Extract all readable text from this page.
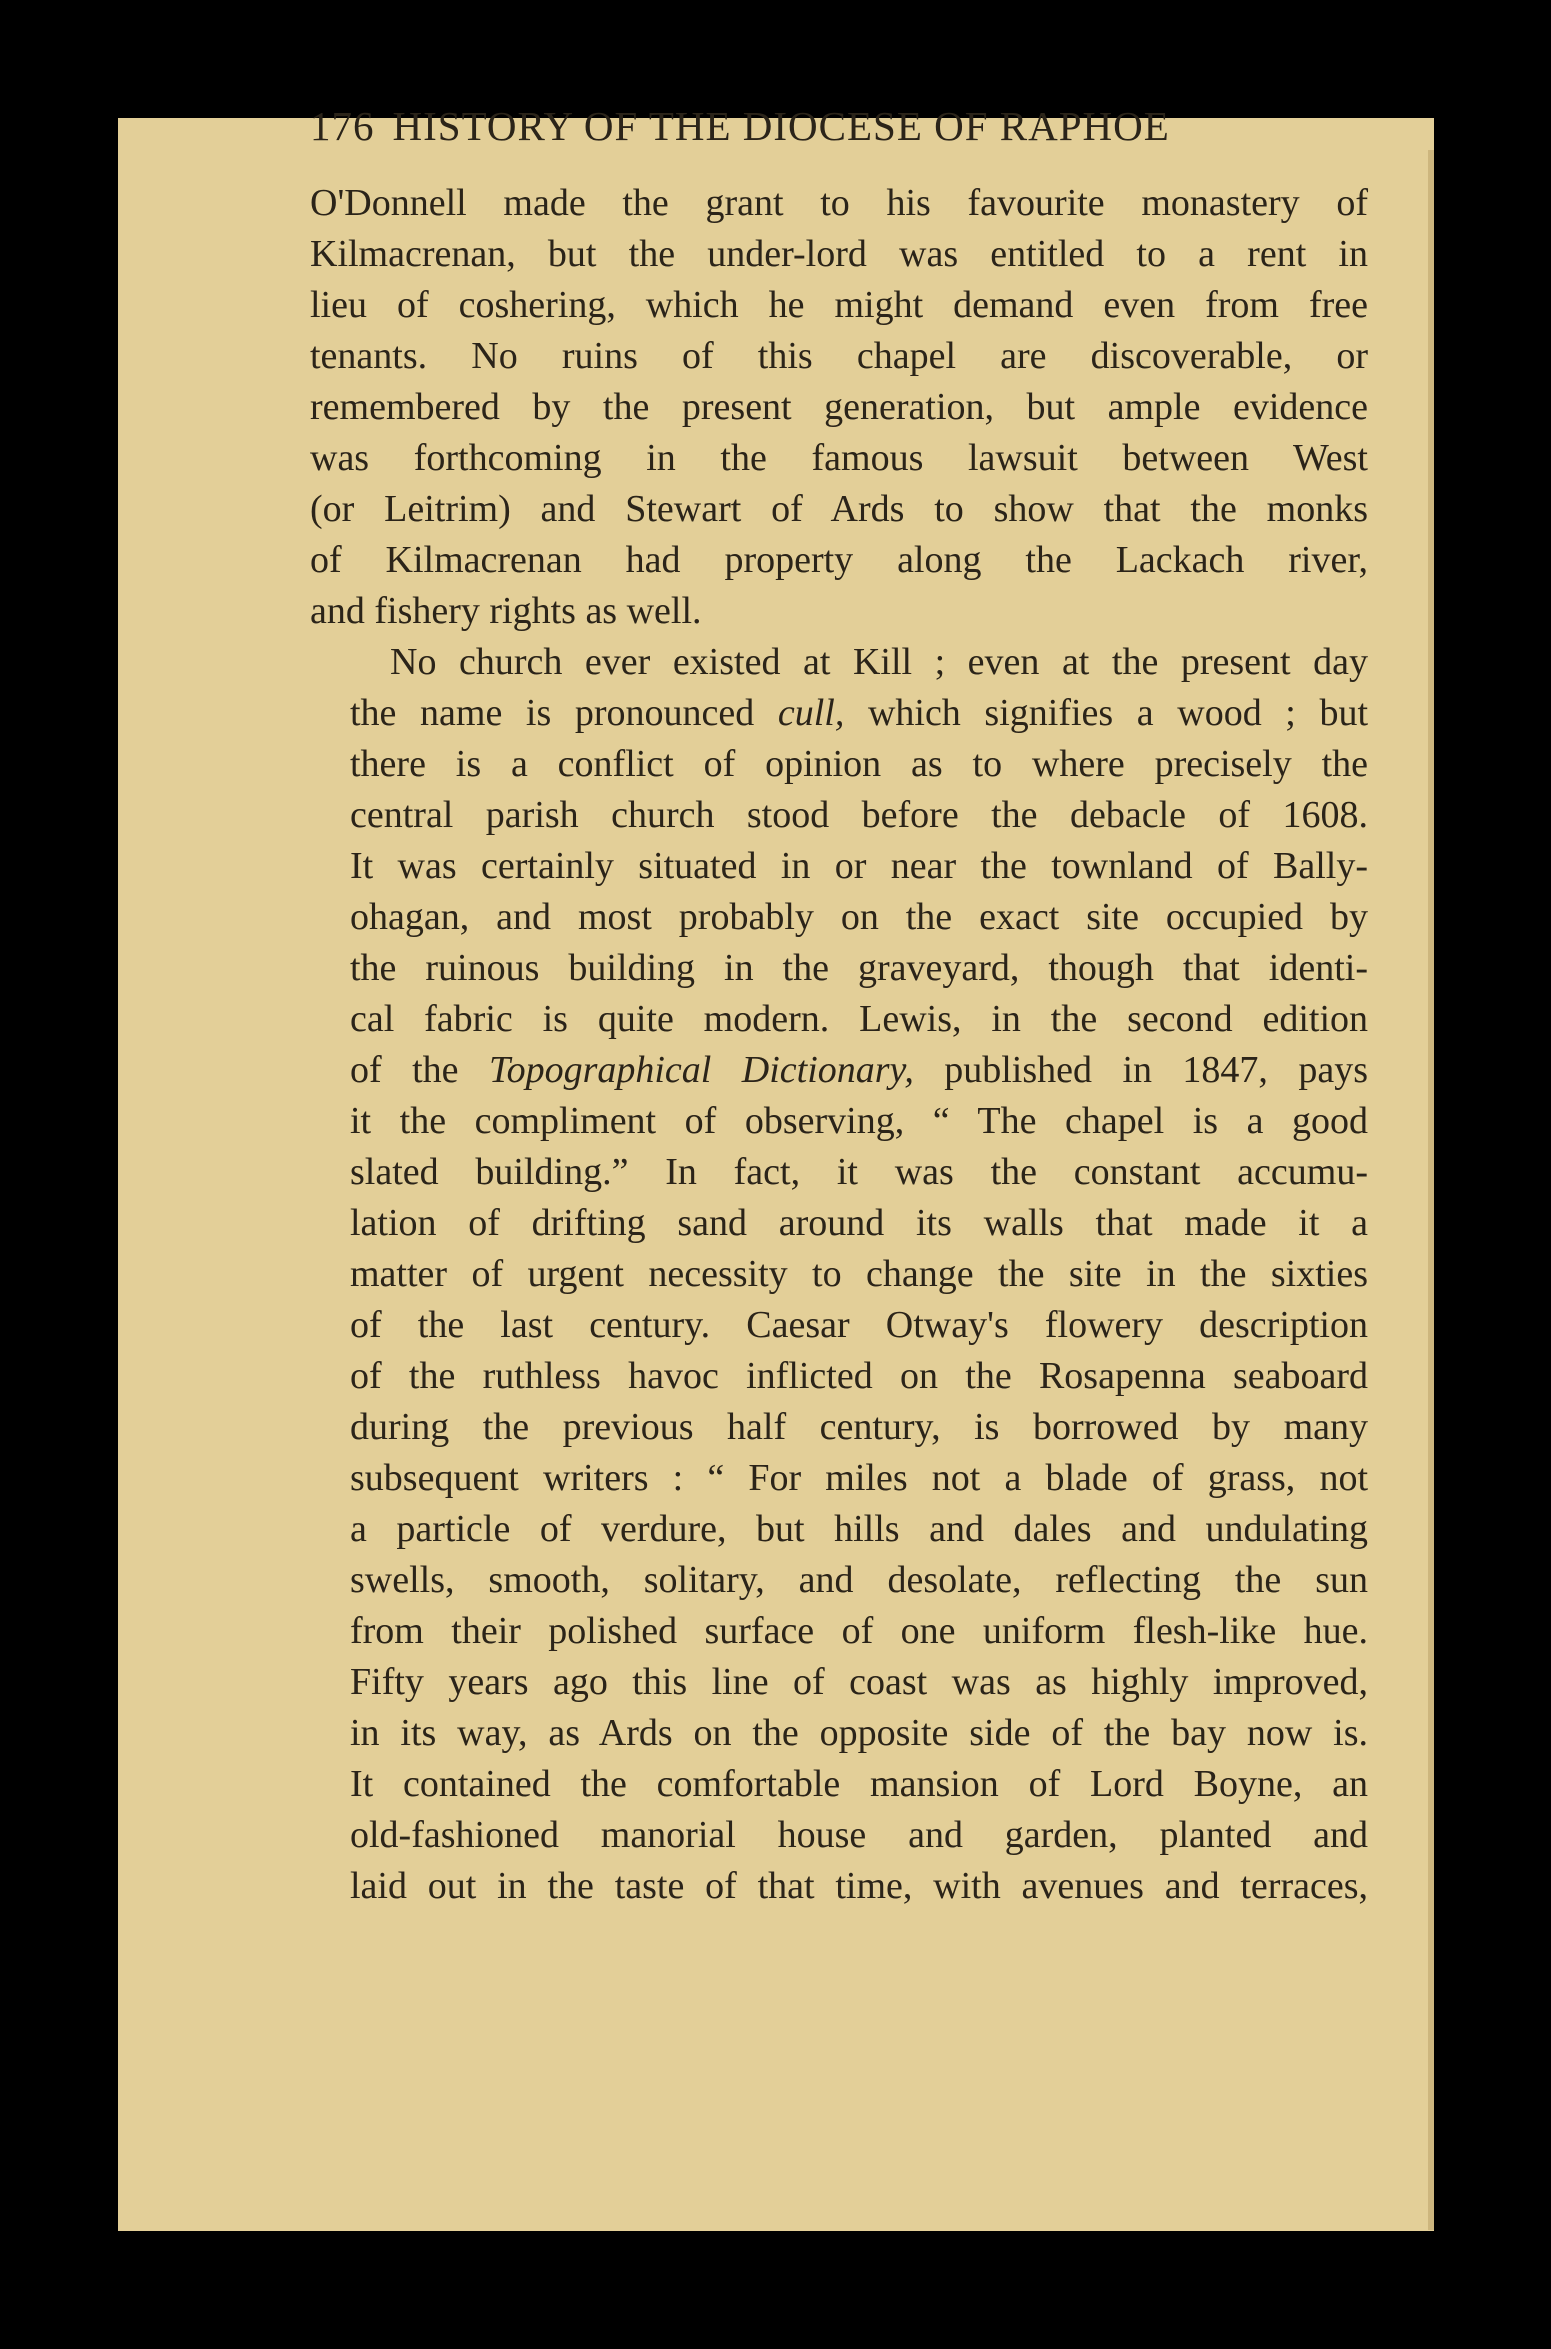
176 HISTORY OF THE DIOCESE OF RAPHOE

O'Donnell made the grant to his favourite monastery of
Kilmacrenan, but the under-lord was entitled to a rent in
lieu of coshering, which he might demand even from free
tenants. No ruins of this chapel are discoverable, or
remembered by the present generation, but ample evidence
was forthcoming in the famous lawsuit between West
(or Leitrim) and Stewart of Ards to show that the monks
of Kilmacrenan had property along the Lackach river,
and fishery rights as well.

No church ever existed at Kill ; even at the present day
the name is pronounced cull, which signifies a wood ; but
there is a conflict of opinion as to where precisely the
central parish church stood before the debacle of 1608.
It was certainly situated in or near the townland of Bally-
ohagan, and most probably on the exact site occupied by
the ruinous building in the graveyard, though that identi-
cal fabric is quite modern. Lewis, in the second edition
of the Topographical Dictionary, published in 1847, pays
it the compliment of observing, “ The chapel is a good
slated building.” In fact, it was the constant accumu-
lation of drifting sand around its walls that made it a
matter of urgent necessity to change the site in the sixties
of the last century. Caesar Otway's flowery description
of the ruthless havoc inflicted on the Rosapenna seaboard
during the previous half century, is borrowed by many
subsequent writers : “ For miles not a blade of grass, not
a particle of verdure, but hills and dales and undulating
swells, smooth, solitary, and desolate, reflecting the sun
from their polished surface of one uniform flesh-like hue.
Fifty years ago this line of coast was as highly improved,
in its way, as Ards on the opposite side of the bay now is.
It contained the comfortable mansion of Lord Boyne, an
old-fashioned manorial house and garden, planted and
laid out in the taste of that time, with avenues and terraces,
